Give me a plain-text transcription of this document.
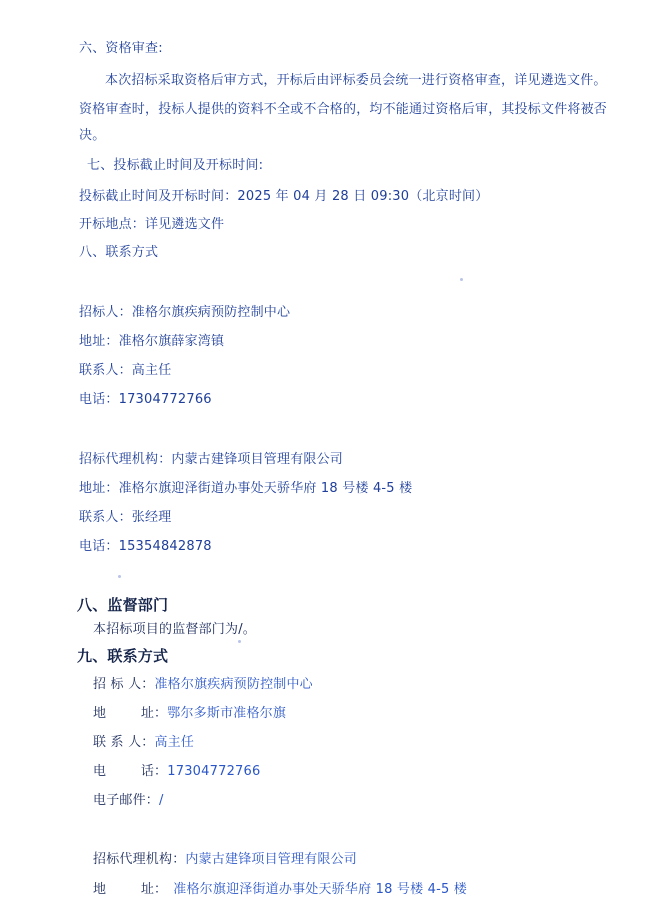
六、资格审查:
本次招标采取资格后审方式，开标后由评标委员会统一进行资格审查，详见遴选文件。
资格审查时，投标人提供的资料不全或不合格的，均不能通过资格后审，其投标文件将被否
决。
七、投标截止时间及开标时间:
投标截止时间及开标时间：2025 年 04 月 28 日 09:30（北京时间）
开标地点：详见遴选文件
八、联系方式
招标人：准格尔旗疾病预防控制中心
地址：准格尔旗薛家湾镇
联系人：高主任
电话：17304772766
招标代理机构：内蒙古建锋项目管理有限公司
地址：准格尔旗迎泽街道办事处天骄华府 18 号楼 4-5 楼
联系人：张经理
电话：15354842878
八、监督部门
本招标项目的监督部门为/。
九、联系方式
招 标 人：准格尔旗疾病预防控制中心
地        址：鄂尔多斯市准格尔旗
联 系 人：高主任
电        话：17304772766
电子邮件：/
招标代理机构：内蒙古建锋项目管理有限公司
地        址： 准格尔旗迎泽街道办事处天骄华府 18 号楼 4-5 楼
